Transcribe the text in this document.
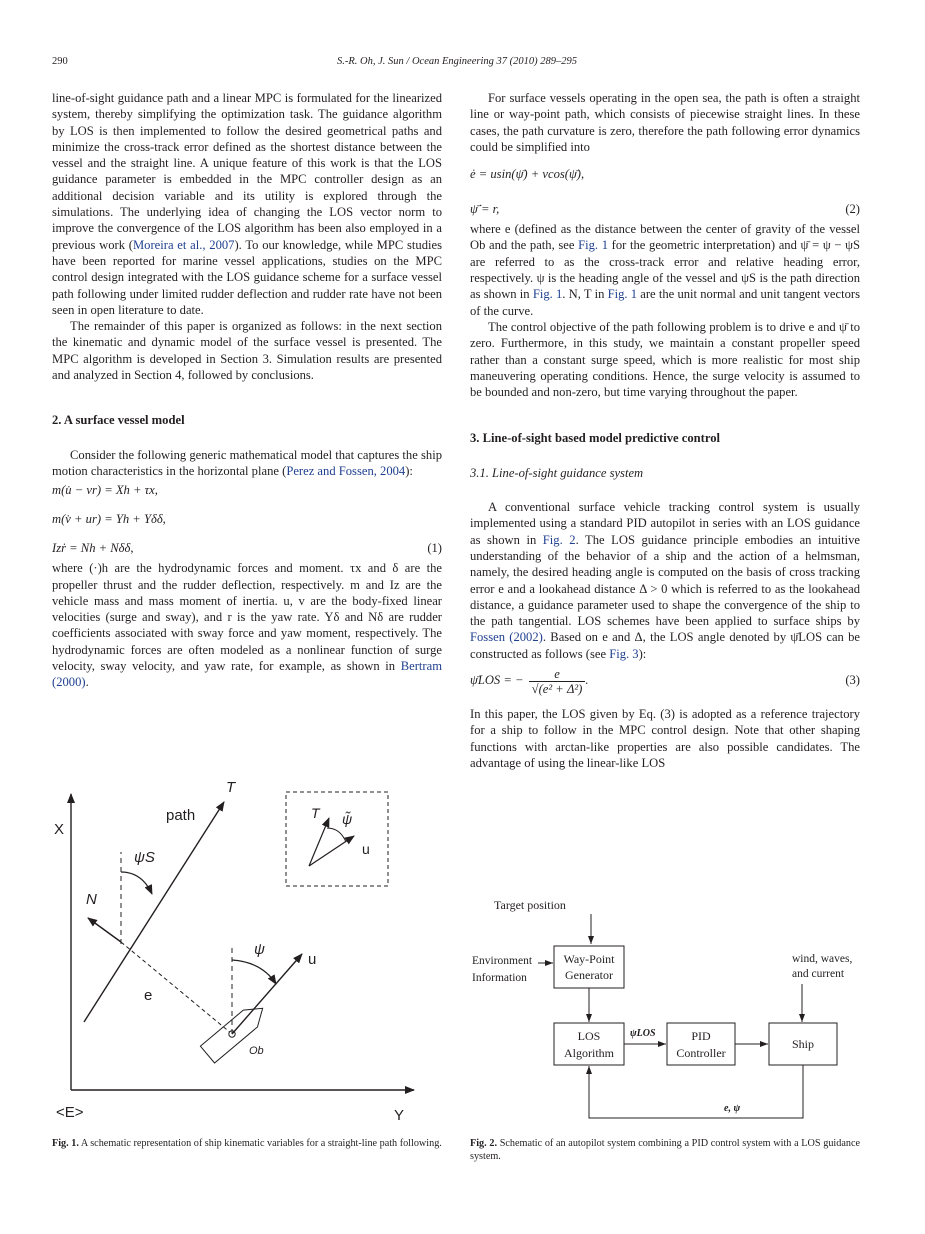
290	S.-R. Oh, J. Sun / Ocean Engineering 37 (2010) 289–295

line-of-sight guidance path and a linear MPC is formulated for the linearized system, thereby simplifying the optimization task. The guidance algorithm by LOS is then implemented to follow the desired geometrical paths and minimize the cross-track error defined as the shortest distance between the vessel and the straight line. A unique feature of this work is that the LOS guidance parameter is embedded in the MPC controller design as an additional decision variable and its utility is explored through the simulations. The underlying idea of changing the LOS vector norm to improve the convergence of the LOS algorithm has been also employed in a previous work (Moreira et al., 2007). To our knowledge, while MPC studies have been reported for marine vessel applications, studies on the MPC control design integrated with the LOS guidance scheme for a surface vessel path following under limited rudder deflection and rudder rate have not been seen in open literature to date.

The remainder of this paper is organized as follows: in the next section the kinematic and dynamic model of the surface vessel is presented. The MPC algorithm is developed in Section 3. Simulation results are presented and analyzed in Section 4, followed by conclusions.

2. A surface vessel model

Consider the following generic mathematical model that captures the ship motion characteristics in the horizontal plane (Perez and Fossen, 2004):

m(u̇ − vr) = Xh + τx,
m(v̇ + ur) = Yh + Yδδ,
Izṙ = Nh + Nδδ,	(1)

where (·)h are the hydrodynamic forces and moment. τx and δ are the propeller thrust and the rudder deflection, respectively. m and Iz are the vehicle mass and mass moment of inertia. u, v are the body-fixed linear velocities (surge and sway), and r is the yaw rate. Yδ and Nδ are rudder coefficients associated with sway force and yaw moment, respectively. The hydrodynamic forces are often modeled as a nonlinear function of surge velocity, sway velocity, and yaw rate, for example, as shown in Bertram (2000).

For surface vessels operating in the open sea, the path is often a straight line or way-point path, which consists of piecewise straight lines. In these cases, the path curvature is zero, therefore the path following error dynamics could be simplified into

ė = usin(ψ̄) + vcos(ψ̄),
ψ̄̇ = r,	(2)

where e (defined as the distance between the center of gravity of the vessel Ob and the path, see Fig. 1 for the geometric interpretation) and ψ̄ = ψ − ψS are referred to as the cross-track error and relative heading error, respectively. ψ is the heading angle of the vessel and ψS is the path direction as shown in Fig. 1. N, T in Fig. 1 are the unit normal and unit tangent vectors of the curve.

The control objective of the path following problem is to drive e and ψ̄ to zero. Furthermore, in this study, we maintain a constant propeller speed rather than a constant surge speed, which is more realistic for most ship maneuvering operating conditions. Hence, the surge velocity is assumed to be bounded and non-zero, but time varying throughout the paper.

3. Line-of-sight based model predictive control
3.1. Line-of-sight guidance system

A conventional surface vehicle tracking control system is usually implemented using a standard PID autopilot in series with an LOS guidance as shown in Fig. 2. The LOS guidance principle embodies an intuitive understanding of the behavior of a ship and the action of a helmsman, namely, the desired heading angle is computed on the basis of cross tracking error e and a lookahead distance Δ > 0 which is referred to as the lookahead distance, a guidance parameter used to shape the convergence of the ship to the path tangential. LOS schemes have been applied to surface ships by Fossen (2002). Based on e and Δ, the LOS angle denoted by ψ̄LOS can be constructed as follows (see Fig. 3):

ψ̄LOS = − $\frac{e}{\text{√(e² + Δ²)}}$ .	(3)

In this paper, the LOS given by Eq. (3) is adopted as a reference trajectory for a ship to follow in the MPC control design. Note that other shaping functions with arctan-like properties are also possible candidates. The advantage of using the linear-like LOS

X
Y
<E>
T
path
ψS
N
e
Ob
u
ψ
T ψ̃
u
Fig. 1. A schematic representation of ship kinematic variables for a straight-line path following.
Target position
Environment
Information
Way-Point
Generator
wind, waves,
and current
LOS
Algorithm
ψLOS	PID
Controller
Ship
e, ψ
Fig. 2. Schematic of an autopilot system combining a PID control system with a LOS guidance system.
